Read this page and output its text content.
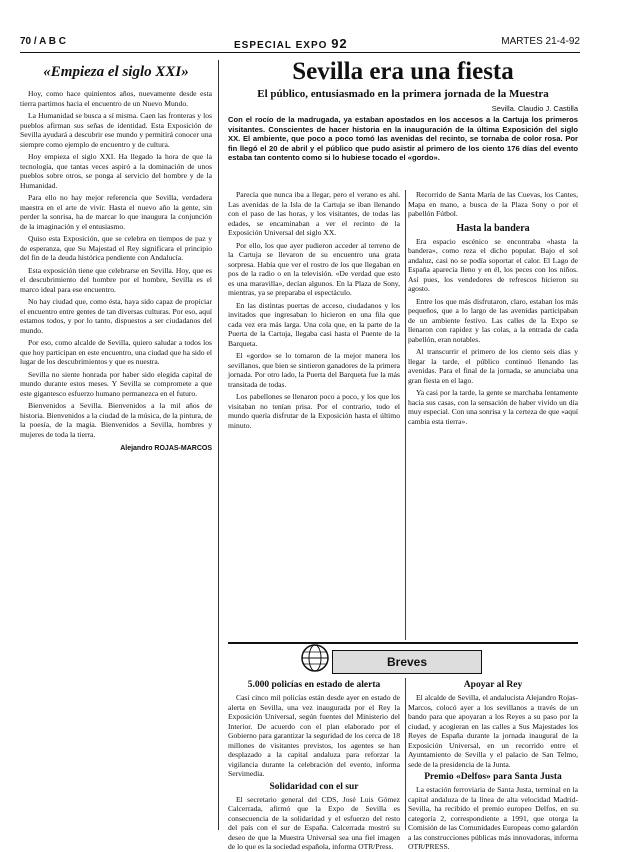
70 / A B C	ESPECIAL EXPO 92	MARTES 21-4-92
«Empieza el siglo XXI»

Hoy, como hace quinientos años, nuevamente desde esta tierra partimos hacia el encuentro de un Nuevo Mundo.

La Humanidad se busca a sí misma. Caen las fronteras y los pueblos afirman sus señas de identidad. Esta Exposición de Sevilla ayudará a descubrir ese mundo y permitirá conocer una siempre como ejemplo de encuentro y de cultura.

Hoy empieza el siglo XXI. Ha llegado la hora de que la tecnología, que tantas veces aspiró a la dominación de unos pueblos sobre otros, se ponga al servicio del hombre y de la Humanidad.

Para ello no hay mejor referencia que Sevilla, verdadera maestra en el arte de vivir. Hasta el nuevo año la gente, sin perder la sonrisa, ha de marcar lo que inaugura la conjunción de la imaginación y el entusiasmo.

Quiso esta Exposición, que se celebra en tiempos de paz y de esperanza, que Su Majestad el Rey significara el principio del fin de la deuda histórica pendiente con Andalucía.

Esta exposición tiene que celebrarse en Sevilla. Hoy, que es el descubrimiento del hombre por el hombre, Sevilla es el marco ideal para ese encuentro.

No hay ciudad que, como ésta, haya sido capaz de propiciar el encuentro entre gentes de tan diversas culturas. Por eso, aquí estamos todos, y por lo tanto, dispuestos a ser ciudadanos del mundo.

Por eso, como alcalde de Sevilla, quiero saludar a todos los que hoy participan en este encuentro, una ciudad que ha sido el lugar de los descubrimientos y que es nuestra.

Sevilla no siente honrada por haber sido elegida capital de mundo durante estos meses. Y Sevilla se compromete a que este gigantesco esfuerzo humano permanezca en el futuro.

Bienvenidos a Sevilla. Bienvenidos a la mil años de historia. Bienvenidos a la ciudad de la música, de la pintura, de la poesía, de la magia. Bienvenidos a Sevilla, hombres y mujeres de toda la tierra.

Alejandro ROJAS-MARCOS
Sevilla era una fiesta
El público, entusiasmado en la primera jornada de la Muestra
Sevilla. Claudio J. Castilla
Con el rocío de la madrugada, ya estaban apostados en los accesos a la Cartuja los primeros visitantes. Conscientes de hacer historia en la inauguración de la última Exposición del siglo XX. El ambiente, que poco a poco tomó las avenidas del recinto, se tornaba de color rosa. Por fin llegó el 20 de abril y el público que pudo asistir al primero de los ciento 176 días del evento estaba tan contento como si lo hubiese tocado el «gordo».

Parecía que nunca iba a llegar, pero el verano es ahí. Las avenidas de la Isla de la Cartuja se iban llenando con el paso de las horas, y los visitantes, de todas las edades, se encaminaban a ver el recinto de la Exposición Universal del siglo XX.

Por ello, los que ayer pudieron acceder al terreno de la Cartuja se llevaron de su encuentro una grata sorpresa. Había que ver el rostro de los que llegaban en pos de la radio o en la televisión. «De verdad que esto es una maravilla», decían algunos. En la Plaza de Sony, mientras, ya se preparaba el espectáculo.

En las distintas puertas de acceso, ciudadanos y los invitados que ingresaban lo hicieron en una fila que cada vez era más larga. Una cola que, en la parte de la Puerta de la Cartuja, llegaba casi hasta el Puente de la Barqueta.

El «gordo» se lo tomaron de la mejor manera los sevillanos, que bien se sintieron ganadores de la primera jornada. Por otro lado, la Puerta del Barqueta fue la más transitada de todas.

Los pabellones se llenaron poco a poco, y los que los visitaban no tenían prisa. Por el contrario, todo el mundo quería disfrutar de la Exposición hasta el último minuto.

Recorrido de Santa María de las Cuevas, los Cantes, Mapa en mano, a busca de la Plaza Sony o por el pabellón Fútbol.

Hasta la bandera

Era espacio escénico se encontraba «hasta la bandera», como reza el dicho popular. Bajo el sol andaluz, casi no se podía soportar el calor. El Lago de España aparecía lleno y en él, los peces con los niños. Así pues, los vendedores de refrescos hicieron su agosto.

Entre los que más disfrutaron, claro, estaban los más pequeños, que a lo largo de las avenidas participaban de un ambiente festivo. Las calles de la Expo se llenaron con rapidez y las colas, a la entrada de cada pabellón, eran notables.

Al transcurrir el primero de los ciento seis días y llegar la tarde, el público continuó llenando las avenidas. Para el final de la jornada, se anunciaba una gran fiesta en el lago.

Ya casi por la tarde, la gente se marchaba lentamente hacia sus casas, con la sensación de haber vivido un día muy especial. Con una sonrisa y la certeza de que «aquí cambia esta tierra».

Breves
5.000 policías en estado de alerta

Casi cinco mil policías están desde ayer en estado de alerta en Sevilla, una vez inaugurada por el Rey la Exposición Universal, según fuentes del Ministerio del Interior. De acuerdo con el plan elaborado por el Gobierno para garantizar la seguridad de los cerca de 18 millones de visitantes previstos, los agentes se han desplazado a la capital andaluza para reforzar la vigilancia durante la celebración del evento, informa Servimedia.

Solidaridad con el sur

El secretario general del CDS, José Luis Gómez Calcerrada, afirmó que la Expo de Sevilla es consecuencia de la solidaridad y el esfuerzo del resto del país con el sur de España. Calcerrada mostró su deseo de que la Muestra Universal sea una fiel imagen de lo que es la sociedad española, informa OTR/Press.

Apoyar al Rey

El alcalde de Sevilla, el andalucista Alejandro Rojas-Marcos, colocó ayer a los sevillanos a través de un bando para que apoyaran a los Reyes a su paso por la ciudad, y acogieran en las calles a Sus Majestades los Reyes de España durante la jornada inaugural de la Exposición Universal, en un recorrido entre el Ayuntamiento de Sevilla y el palacio de San Telmo, sede de la presidencia de la Junta.

Premio «Delfos» para Santa Justa

La estación ferroviaria de Santa Justa, terminal en la capital andaluza de la línea de alta velocidad Madrid-Sevilla, ha recibido el premio europeo Delfos, en su categoría 2, correspondiente a 1991, que otorga la Comisión de las Comunidades Europeas como galardón a las construcciones públicas más innovadoras, informa OTR/PRESS.
